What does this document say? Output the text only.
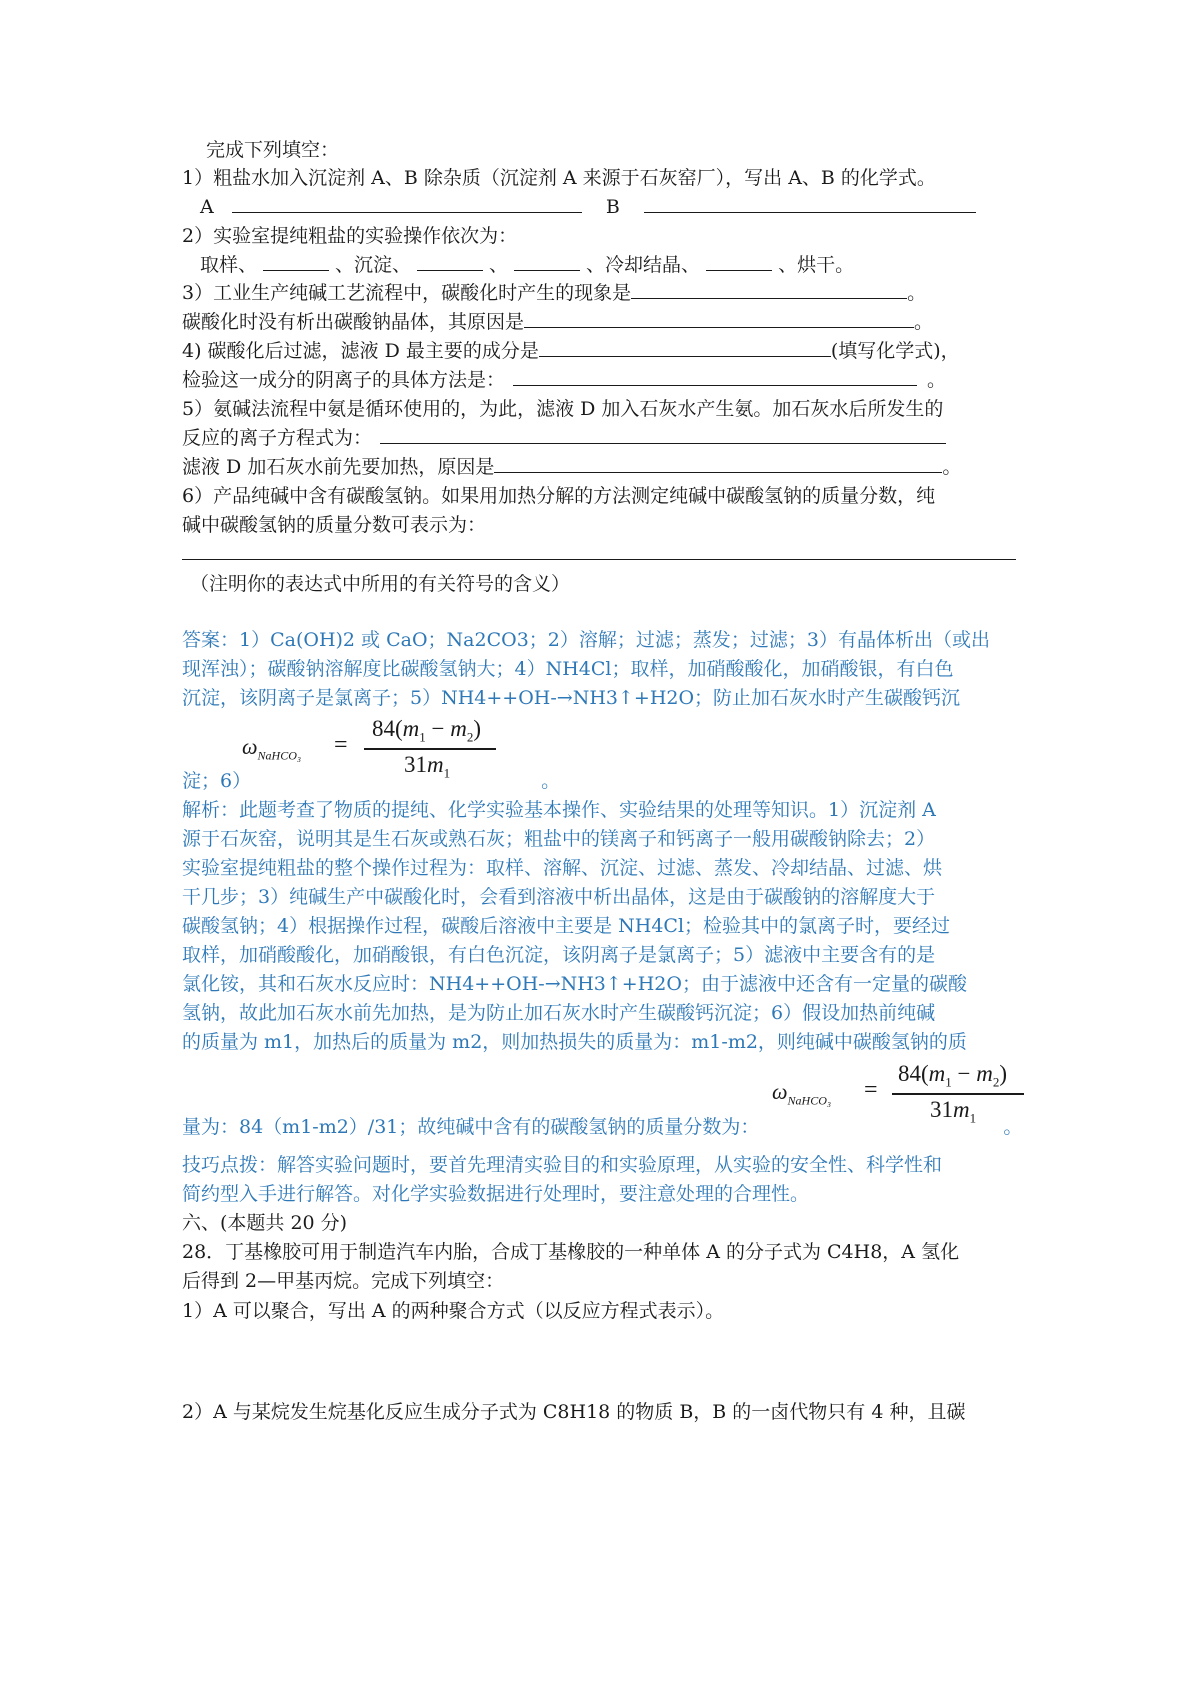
完成下列填空：
1）粗盐水加入沉淀剂 A、B 除杂质（沉淀剂 A 来源于石灰窑厂），写出 A、B 的化学式。
A	B
2）实验室提纯粗盐的实验操作依次为：
取样、	、沉淀、	、	、冷却结晶、	、烘干。
3）工业生产纯碱工艺流程中，碳酸化时产生的现象是	。
碳酸化时没有析出碳酸钠晶体，其原因是	。
4) 碳酸化后过滤，滤液 D 最主要的成分是	(填写化学式)，
检验这一成分的阴离子的具体方法是：	。
5）氨碱法流程中氨是循环使用的，为此，滤液 D 加入石灰水产生氨。加石灰水后所发生的
反应的离子方程式为：
滤液 D 加石灰水前先要加热，原因是	。
6）产品纯碱中含有碳酸氢钠。如果用加热分解的方法测定纯碱中碳酸氢钠的质量分数，纯
碱中碳酸氢钠的质量分数可表示为：
（注明你的表达式中所用的有关符号的含义）
答案：1）Ca(OH)2 或 CaO；Na2CO3；2）溶解；过滤；蒸发；过滤；3）有晶体析出（或出
现浑浊）；碳酸钠溶解度比碳酸氢钠大；4）NH4Cl；取样，加硝酸酸化，加硝酸银，有白色
沉淀，该阴离子是氯离子；5）NH4++OH-→NH3↑+H2O；防止加石灰水时产生碳酸钙沉
$\omega_{NaHCO_3}$ =
$84(m_1 - m_2)$
$31m_1$
淀；6）	。
解析：此题考查了物质的提纯、化学实验基本操作、实验结果的处理等知识。1）沉淀剂 A
源于石灰窑，说明其是生石灰或熟石灰；粗盐中的镁离子和钙离子一般用碳酸钠除去；2）
实验室提纯粗盐的整个操作过程为：取样、溶解、沉淀、过滤、蒸发、冷却结晶、过滤、烘
干几步；3）纯碱生产中碳酸化时，会看到溶液中析出晶体，这是由于碳酸钠的溶解度大于
碳酸氢钠；4）根据操作过程，碳酸后溶液中主要是 NH4Cl；检验其中的氯离子时，要经过
取样，加硝酸酸化，加硝酸银，有白色沉淀，该阴离子是氯离子；5）滤液中主要含有的是
氯化铵，其和石灰水反应时：NH4++OH-→NH3↑+H2O；由于滤液中还含有一定量的碳酸
氢钠，故此加石灰水前先加热，是为防止加石灰水时产生碳酸钙沉淀；6）假设加热前纯碱
的质量为 m1，加热后的质量为 m2，则加热损失的质量为：m1-m2，则纯碱中碳酸氢钠的质
$\omega_{NaHCO_3}$ =
$84(m_1 - m_2)$
$31m_1$
量为：84（m1-m2）/31；故纯碱中含有的碳酸氢钠的质量分数为：	。
技巧点拨：解答实验问题时，要首先理清实验目的和实验原理，从实验的安全性、科学性和
简约型入手进行解答。对化学实验数据进行处理时，要注意处理的合理性。
六、(本题共 20 分)
28．丁基橡胶可用于制造汽车内胎，合成丁基橡胶的一种单体 A 的分子式为 C4H8，A 氢化
后得到 2—甲基丙烷。完成下列填空：
1）A 可以聚合，写出 A 的两种聚合方式（以反应方程式表示）。
2）A 与某烷发生烷基化反应生成分子式为 C8H18 的物质 B，B 的一卤代物只有 4 种，且碳
